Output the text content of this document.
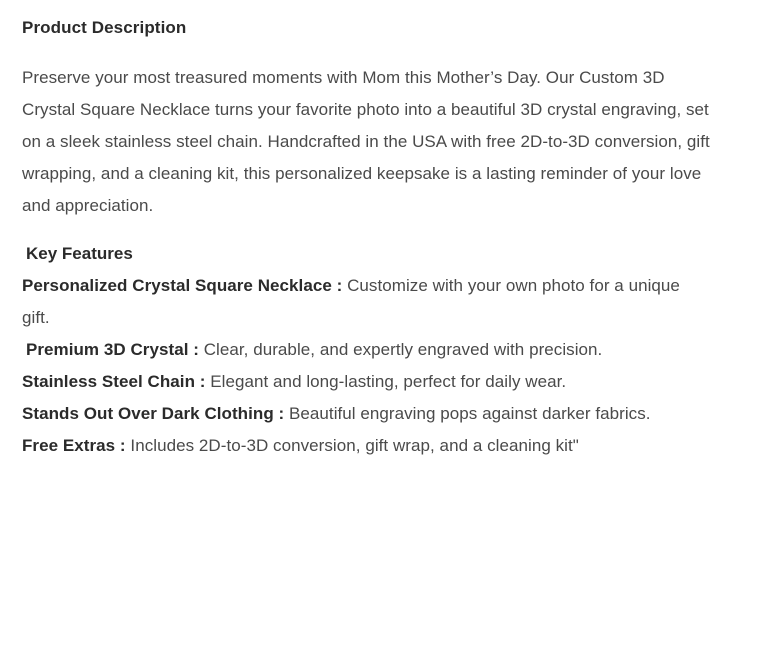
Product Description

Preserve your most treasured moments with Mom this Mother’s Day. Our Custom 3D Crystal Square Necklace turns your favorite photo into a beautiful 3D crystal engraving, set on a sleek stainless steel chain. Handcrafted in the USA with free 2D-to-3D conversion, gift wrapping, and a cleaning kit, this personalized keepsake is a lasting reminder of your love and appreciation.

Key Features
Personalized Crystal Square Necklace : Customize with your own photo for a unique gift.
Premium 3D Crystal : Clear, durable, and expertly engraved with precision.
Stainless Steel Chain : Elegant and long-lasting, perfect for daily wear.
Stands Out Over Dark Clothing : Beautiful engraving pops against darker fabrics.
Free Extras : Includes 2D-to-3D conversion, gift wrap, and a cleaning kit"
